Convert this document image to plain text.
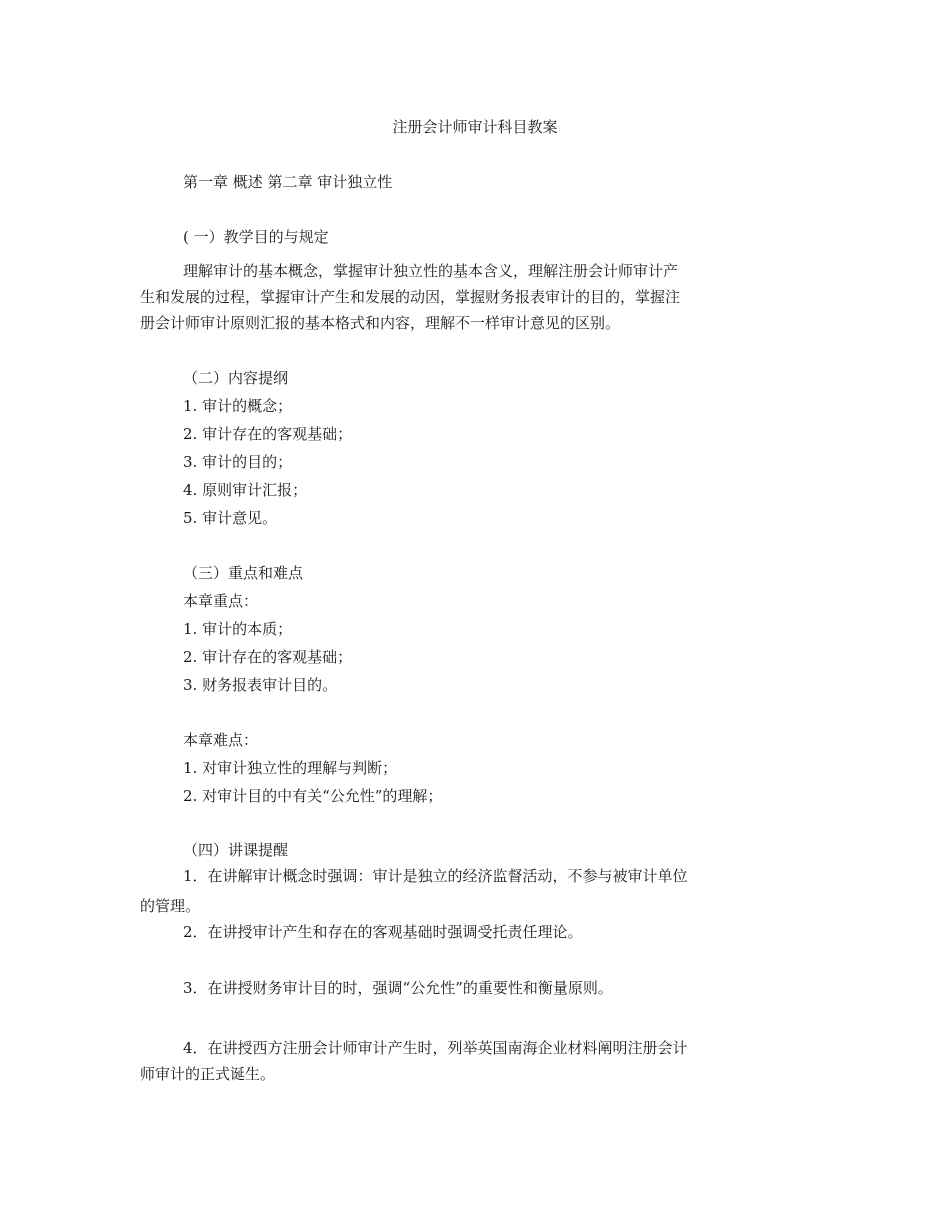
注册会计师审计科目教案
第一章 概述 第二章 审计独立性
( 一）教学目的与规定
理解审计的基本概念，掌握审计独立性的基本含义，理解注册会计师审计产
生和发展的过程，掌握审计产生和发展的动因，掌握财务报表审计的目的，掌握注
册会计师审计原则汇报的基本格式和内容，理解不一样审计意见的区别。
（二）内容提纲
1. 审计的概念；
2. 审计存在的客观基础；
3. 审计的目的；
4. 原则审计汇报；
5. 审计意见。
（三）重点和难点
本章重点：
1. 审计的本质；
2. 审计存在的客观基础；
3. 财务报表审计目的。
本章难点：
1. 对审计独立性的理解与判断；
2. 对审计目的中有关“公允性”的理解；
（四）讲课提醒
1．在讲解审计概念时强调：审计是独立的经济监督活动，不参与被审计单位
的管理。
2．在讲授审计产生和存在的客观基础时强调受托责任理论。
3．在讲授财务审计目的时，强调“公允性”的重要性和衡量原则。
4．在讲授西方注册会计师审计产生时，列举英国南海企业材料阐明注册会计
师审计的正式诞生。
